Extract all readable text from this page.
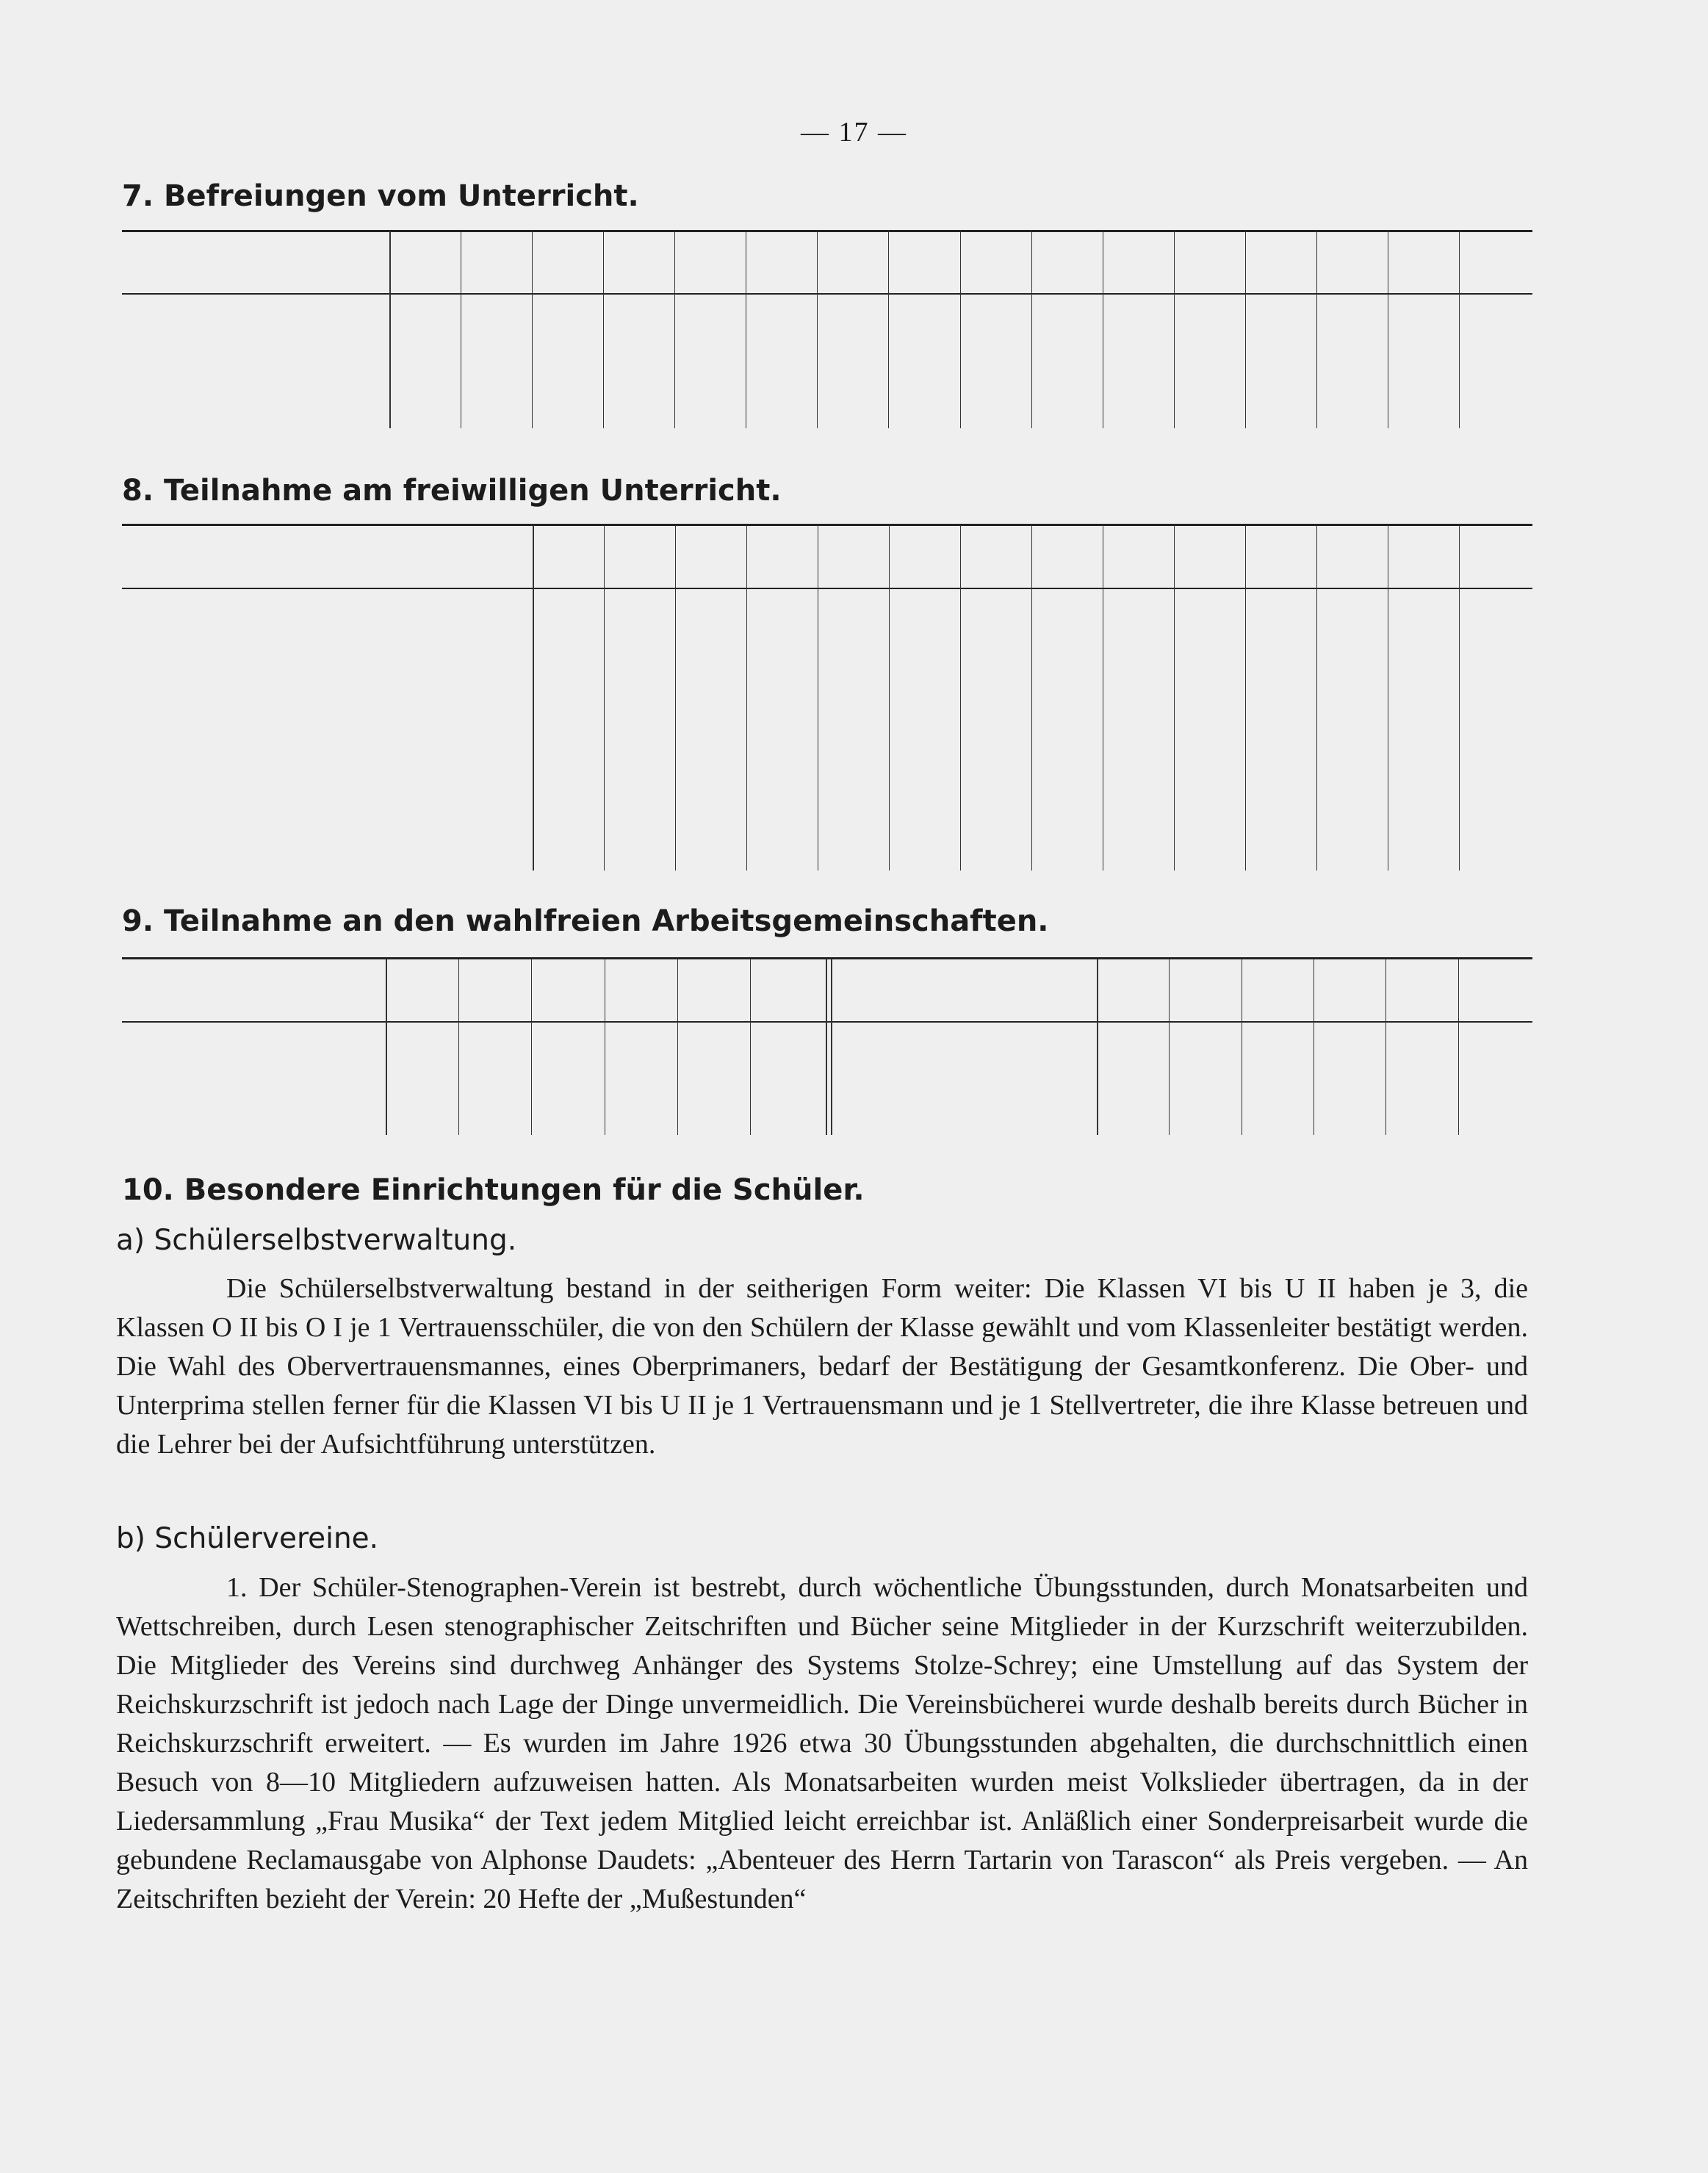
— 17 —
7. Befreiungen vom Unterricht.
8. Teilnahme am freiwilligen Unterricht.
9. Teilnahme an den wahlfreien Arbeitsgemeinschaften.
10. Besondere Einrichtungen für die Schüler.
a) Schülerselbstverwaltung.

Die Schülerselbstverwaltung bestand in der seitherigen Form weiter: Die Klassen VI bis U II haben je 3, die Klassen O II bis O I je 1 Vertrauensschüler, die von den Schülern der Klasse gewählt und vom Klassenleiter bestätigt werden. Die Wahl des Obervertrauensmannes, eines Oberprimaners, bedarf der Bestätigung der Gesamtkonferenz. Die Ober- und Unterprima stellen ferner für die Klassen VI bis U II je 1 Vertrauensmann und je 1 Stellvertreter, die ihre Klasse betreuen und die Lehrer bei der Aufsichtführung unterstützen.

b) Schülervereine.

1. Der Schüler-Stenographen-Verein ist bestrebt, durch wöchentliche Übungsstunden, durch Monatsarbeiten und Wettschreiben, durch Lesen stenographischer Zeitschriften und Bücher seine Mitglieder in der Kurzschrift weiterzubilden. Die Mitglieder des Vereins sind durchweg Anhänger des Systems Stolze-Schrey; eine Umstellung auf das System der Reichskurzschrift ist jedoch nach Lage der Dinge unvermeidlich. Die Vereinsbücherei wurde deshalb bereits durch Bücher in Reichskurzschrift erweitert. — Es wurden im Jahre 1926 etwa 30 Übungsstunden abgehalten, die durchschnittlich einen Besuch von 8—10 Mitgliedern aufzuweisen hatten. Als Monatsarbeiten wurden meist Volkslieder übertragen, da in der Liedersammlung „Frau Musika“ der Text jedem Mitglied leicht erreichbar ist. Anläßlich einer Sonderpreisarbeit wurde die gebundene Reclamausgabe von Alphonse Daudets: „Abenteuer des Herrn Tartarin von Tarascon“ als Preis vergeben. — An Zeitschriften bezieht der Verein: 20 Hefte der „Mußestunden“
